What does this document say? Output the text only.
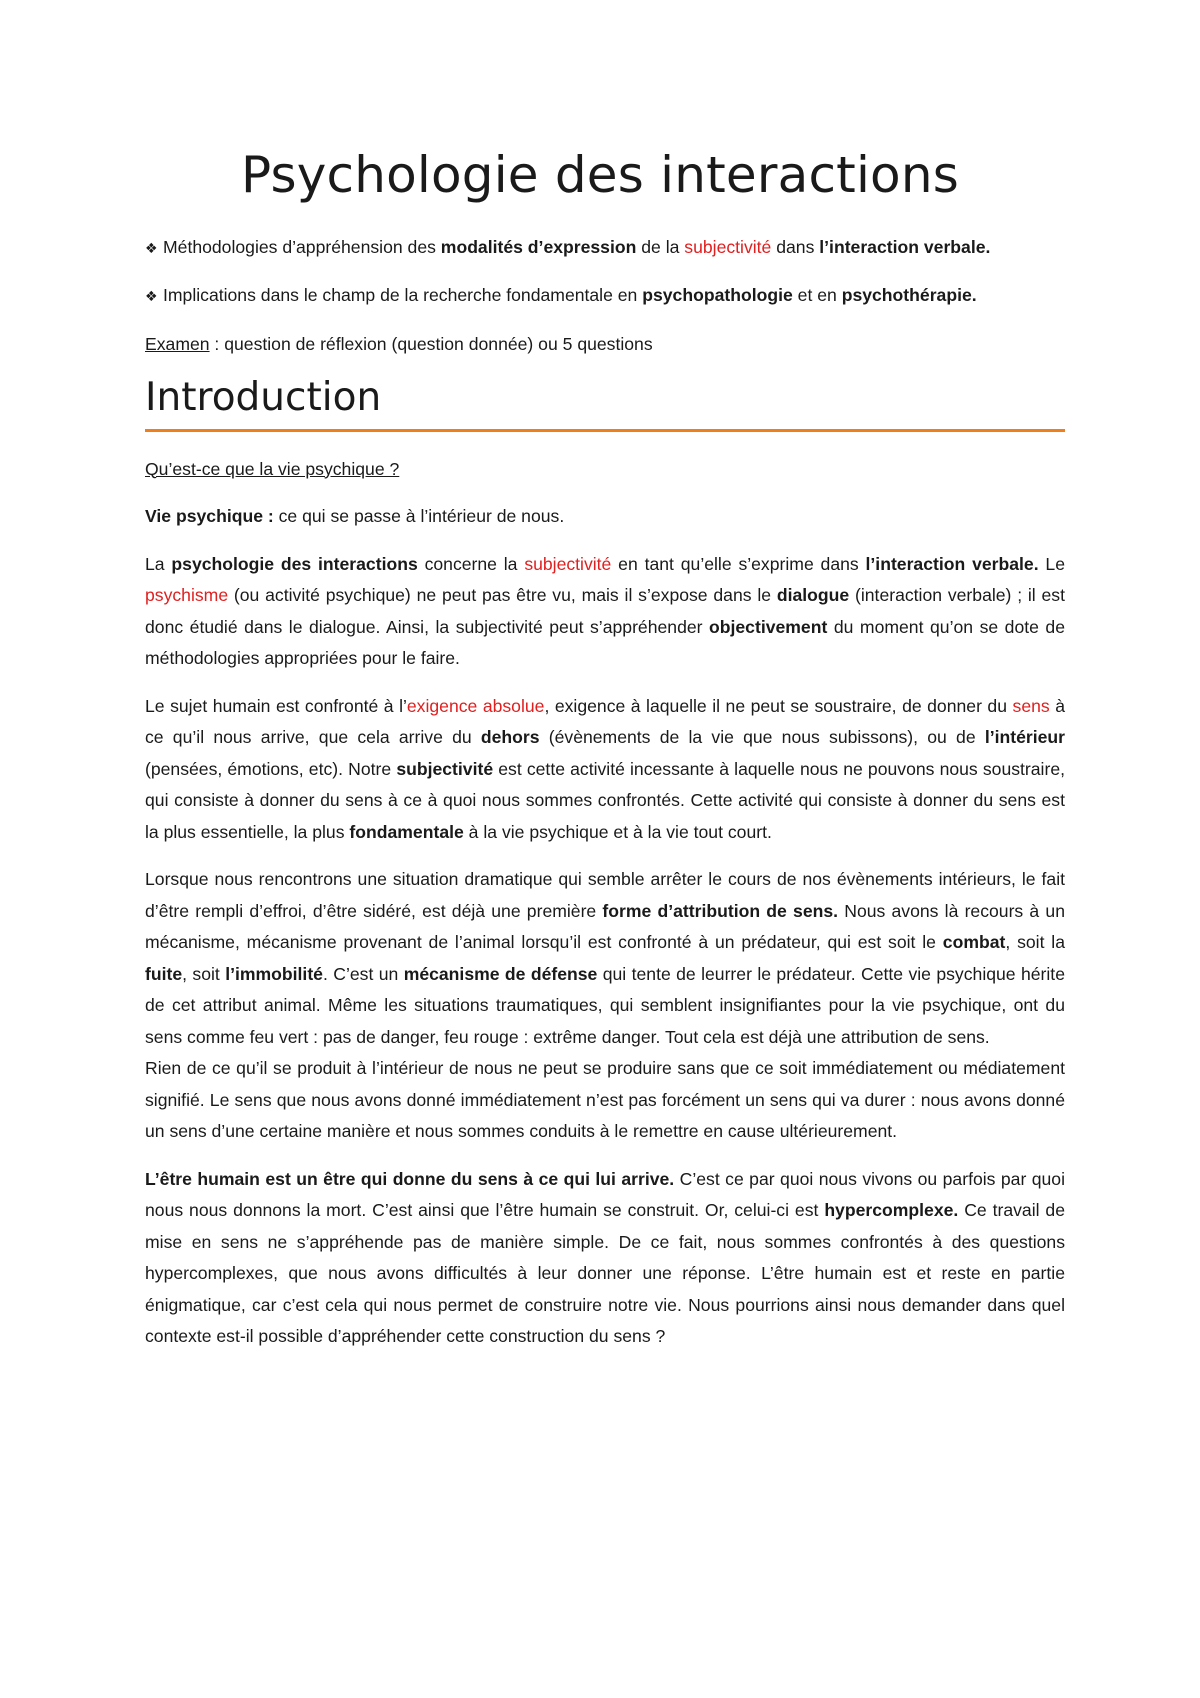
Psychologie des interactions

❖ Méthodologies d’appréhension des modalités d’expression de la subjectivité dans l’interaction verbale.

❖ Implications dans le champ de la recherche fondamentale en psychopathologie et en psychothérapie.

Examen : question de réflexion (question donnée) ou 5 questions

Introduction

Qu’est-ce que la vie psychique ?

Vie psychique : ce qui se passe à l’intérieur de nous.

La psychologie des interactions concerne la subjectivité en tant qu’elle s’exprime dans l’interaction verbale. Le psychisme (ou activité psychique) ne peut pas être vu, mais il s’expose dans le dialogue (interaction verbale) ; il est donc étudié dans le dialogue. Ainsi, la subjectivité peut s’appréhender objectivement du moment qu’on se dote de méthodologies appropriées pour le faire.

Le sujet humain est confronté à l’exigence absolue, exigence à laquelle il ne peut se soustraire, de donner du sens à ce qu’il nous arrive, que cela arrive du dehors (évènements de la vie que nous subissons), ou de l’intérieur (pensées, émotions, etc). Notre subjectivité est cette activité incessante à laquelle nous ne pouvons nous soustraire, qui consiste à donner du sens à ce à quoi nous sommes confrontés. Cette activité qui consiste à donner du sens est la plus essentielle, la plus fondamentale à la vie psychique et à la vie tout court.

Lorsque nous rencontrons une situation dramatique qui semble arrêter le cours de nos évènements intérieurs, le fait d’être rempli d’effroi, d’être sidéré, est déjà une première forme d’attribution de sens. Nous avons là recours à un mécanisme, mécanisme provenant de l’animal lorsqu’il est confronté à un prédateur, qui est soit le combat, soit la fuite, soit l’immobilité. C’est un mécanisme de défense qui tente de leurrer le prédateur. Cette vie psychique hérite de cet attribut animal. Même les situations traumatiques, qui semblent insignifiantes pour la vie psychique, ont du sens comme feu vert : pas de danger, feu rouge : extrême danger. Tout cela est déjà une attribution de sens.
Rien de ce qu’il se produit à l’intérieur de nous ne peut se produire sans que ce soit immédiatement ou médiatement signifié. Le sens que nous avons donné immédiatement n’est pas forcément un sens qui va durer : nous avons donné un sens d’une certaine manière et nous sommes conduits à le remettre en cause ultérieurement.

L’être humain est un être qui donne du sens à ce qui lui arrive. C’est ce par quoi nous vivons ou parfois par quoi nous nous donnons la mort. C’est ainsi que l’être humain se construit. Or, celui-ci est hypercomplexe. Ce travail de mise en sens ne s’appréhende pas de manière simple. De ce fait, nous sommes confrontés à des questions hypercomplexes, que nous avons difficultés à leur donner une réponse. L’être humain est et reste en partie énigmatique, car c’est cela qui nous permet de construire notre vie. Nous pourrions ainsi nous demander dans quel contexte est-il possible d’appréhender cette construction du sens ?
